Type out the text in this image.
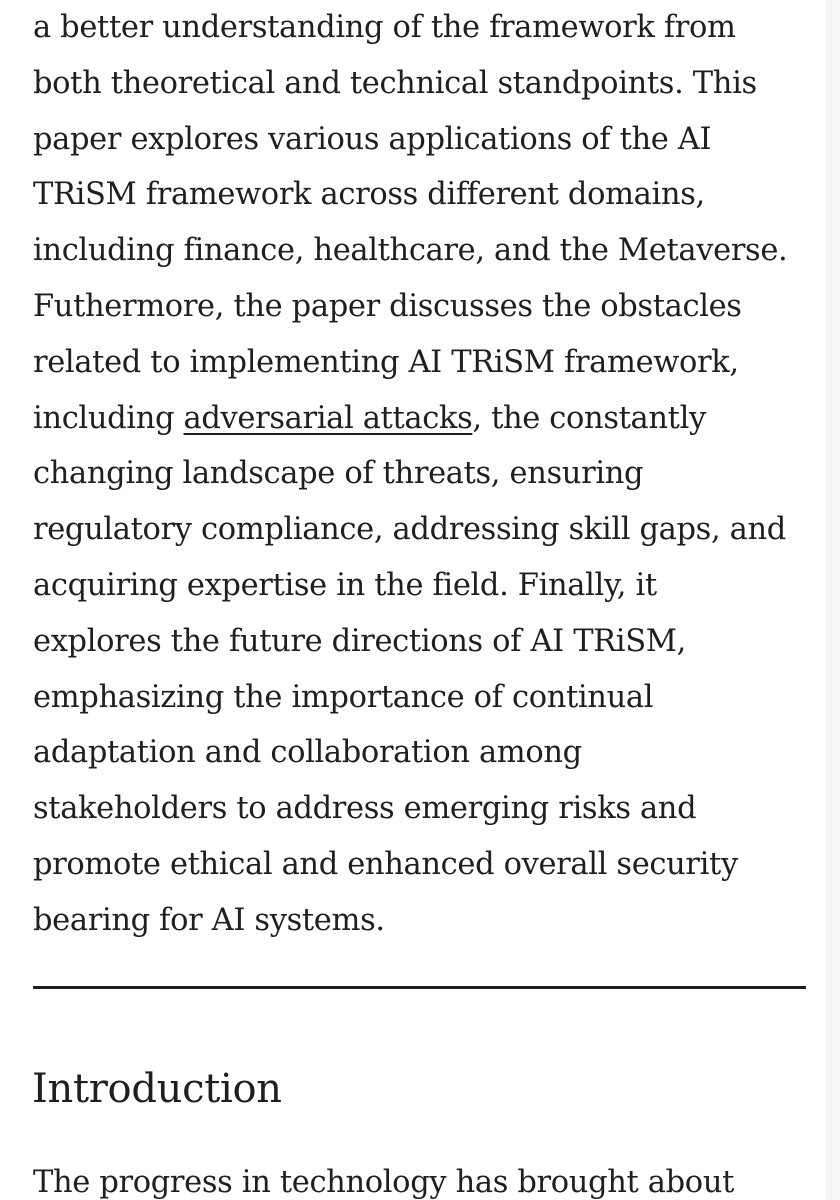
a better understanding of the framework from
both theoretical and technical standpoints. This
paper explores various applications of the AI
TRiSM framework across different domains,
including finance, healthcare, and the Metaverse.
Futhermore, the paper discusses the obstacles
related to implementing AI TRiSM framework,
including adversarial attacks, the constantly
changing landscape of threats, ensuring
regulatory compliance, addressing skill gaps, and
acquiring expertise in the field. Finally, it
explores the future directions of AI TRiSM,
emphasizing the importance of continual
adaptation and collaboration among
stakeholders to address emerging risks and
promote ethical and enhanced overall security
bearing for AI systems.
Introduction
The progress in technology has brought about
